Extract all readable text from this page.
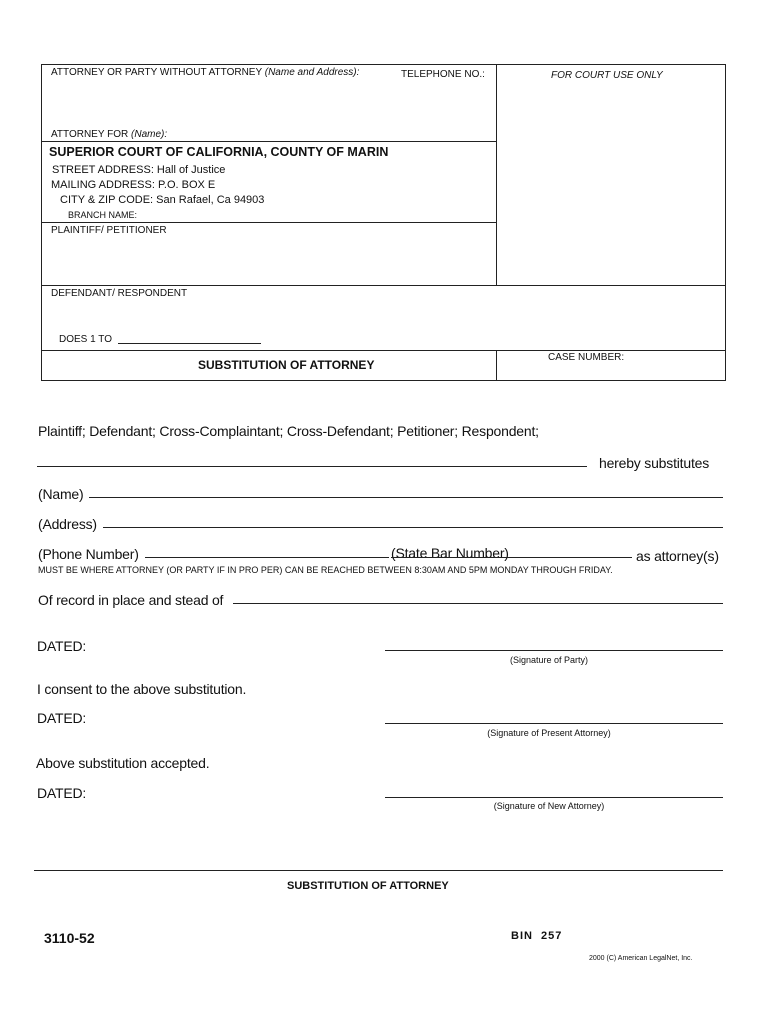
ATTORNEY OR PARTY WITHOUT ATTORNEY (Name and Address):	TELEPHONE NO.:	FOR COURT USE ONLY
ATTORNEY FOR (Name):
SUPERIOR COURT OF CALIFORNIA, COUNTY OF MARIN
STREET ADDRESS: Hall of Justice
MAILING ADDRESS: P.O. BOX E
CITY & ZIP CODE: San Rafael, Ca 94903
BRANCH NAME:
PLAINTIFF/ PETITIONER
DEFENDANT/ RESPONDENT
DOES 1 TO
SUBSTITUTION OF ATTORNEY
CASE NUMBER:
Plaintiff; Defendant; Cross-Complaintant; Cross-Defendant; Petitioner; Respondent;
hereby substitutes
(Name)
(Address)
(Phone Number)	(State Bar Number)	as attorney(s)
MUST BE WHERE ATTORNEY (OR PARTY IF IN PRO PER) CAN BE REACHED BETWEEN 8:30AM AND 5PM MONDAY THROUGH FRIDAY.
Of record in place and stead of
DATED:
(Signature of Party)
I consent to the above substitution.
DATED:
(Signature of Present Attorney)
Above substitution accepted.
DATED:
(Signature of New Attorney)
SUBSTITUTION OF ATTORNEY
3110-52	BIN  257
2000 (C) American LegalNet, Inc.
